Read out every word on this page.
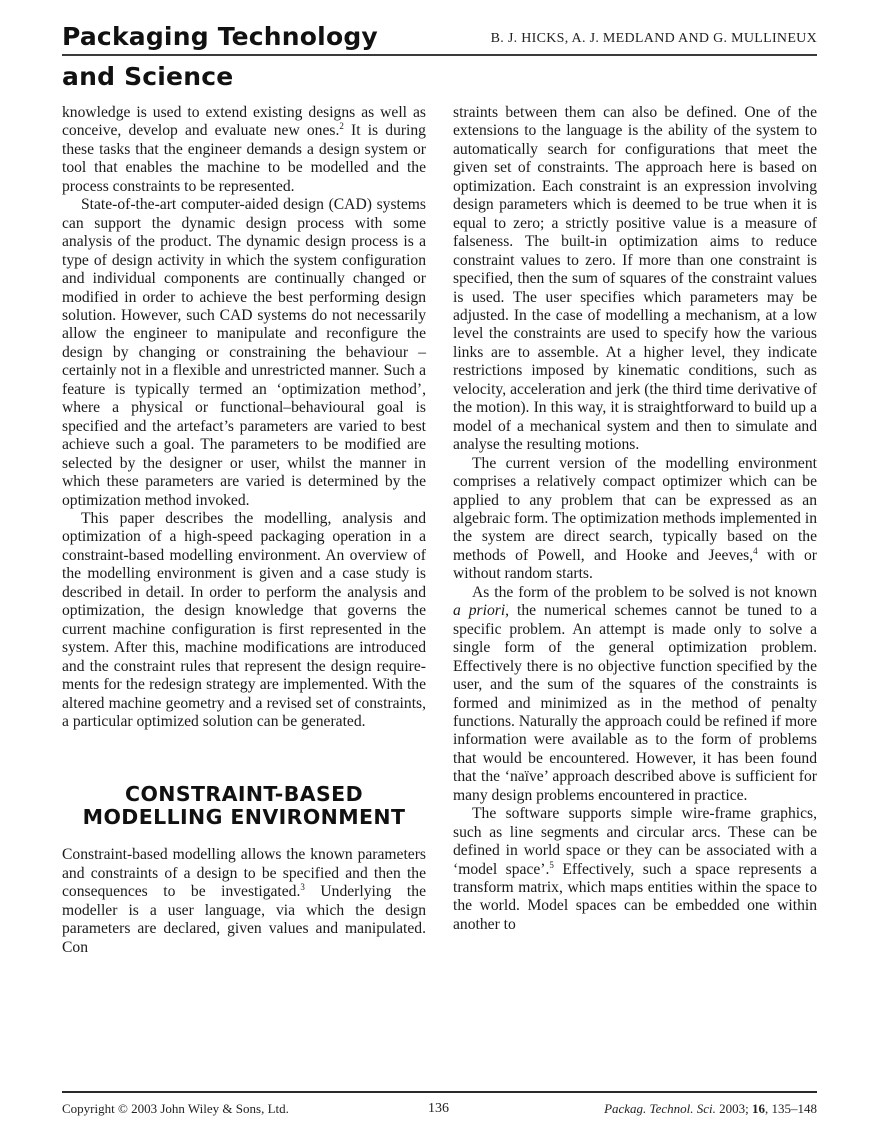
Packaging Technology
and Science
B. J. HICKS, A. J. MEDLAND AND G. MULLINEUX

knowledge is used to extend existing designs as well as conceive, develop and evaluate new ones.$^2$ It is during these tasks that the engineer demands a design system or tool that enables the machine to be modelled and the process constraints to be represented.

State-of-the-art computer-aided design (CAD) systems can support the dynamic design process with some analysis of the product. The dynamic design process is a type of design activity in which the system configuration and individual components are continually changed or modified in order to achieve the best performing design solution. However, such CAD systems do not necessarily allow the engineer to manipulate and reconfigure the design by changing or constraining the behaviour – certainly not in a flexible and unrestricted manner. Such a feature is typically termed an ‘optimization method’, where a physical or functional–behavioural goal is specified and the artefact’s parameters are varied to best achieve such a goal. The parameters to be modified are selected by the designer or user, whilst the manner in which these parameters are varied is determined by the optimization method invoked.

This paper describes the modelling, analysis and optimization of a high-speed packaging operation in a constraint-based modelling environment. An overview of the modelling environment is given and a case study is described in detail. In order to perform the analysis and optimization, the design knowledge that governs the current machine configuration is first represented in the system. After this, machine modifications are introduced and the constraint rules that represent the design requirements for the redesign strategy are implemented. With the altered machine geometry and a revised set of constraints, a particular optimized solution can be generated.

CONSTRAINT-BASED
MODELLING ENVIRONMENT

Constraint-based modelling allows the known parameters and constraints of a design to be specified and then the consequences to be investigated.$^3$ Underlying the modeller is a user language, via which the design parameters are declared, given values and manipulated. Con

straints between them can also be defined. One of the extensions to the language is the ability of the system to automatically search for configurations that meet the given set of constraints. The approach here is based on optimization. Each constraint is an expression involving design parameters which is deemed to be true when it is equal to zero; a strictly positive value is a measure of falseness. The built-in optimization aims to reduce constraint values to zero. If more than one constraint is specified, then the sum of squares of the constraint values is used. The user specifies which parameters may be adjusted. In the case of modelling a mechanism, at a low level the constraints are used to specify how the various links are to assemble. At a higher level, they indicate restrictions imposed by kinematic conditions, such as velocity, acceleration and jerk (the third time derivative of the motion). In this way, it is straightforward to build up a model of a mechanical system and then to simulate and analyse the resulting motions.

The current version of the modelling environment comprises a relatively compact optimizer which can be applied to any problem that can be expressed as an algebraic form. The optimization methods implemented in the system are direct search, typically based on the methods of Powell, and Hooke and Jeeves,$^4$ with or without random starts.

As the form of the problem to be solved is not known a priori, the numerical schemes cannot be tuned to a specific problem. An attempt is made only to solve a single form of the general optimization problem. Effectively there is no objective function specified by the user, and the sum of the squares of the constraints is formed and minimized as in the method of penalty functions. Naturally the approach could be refined if more information were available as to the form of problems that would be encountered. However, it has been found that the ‘naïve’ approach described above is sufficient for many design problems encountered in practice.

The software supports simple wire-frame graphics, such as line segments and circular arcs. These can be defined in world space or they can be associated with a ‘model space’.$^5$ Effectively, such a space represents a transform matrix, which maps entities within the space to the world. Model spaces can be embedded one within another to

Copyright © 2003 John Wiley & Sons, Ltd.	136	Packag. Technol. Sci. 2003; 16, 135–148
